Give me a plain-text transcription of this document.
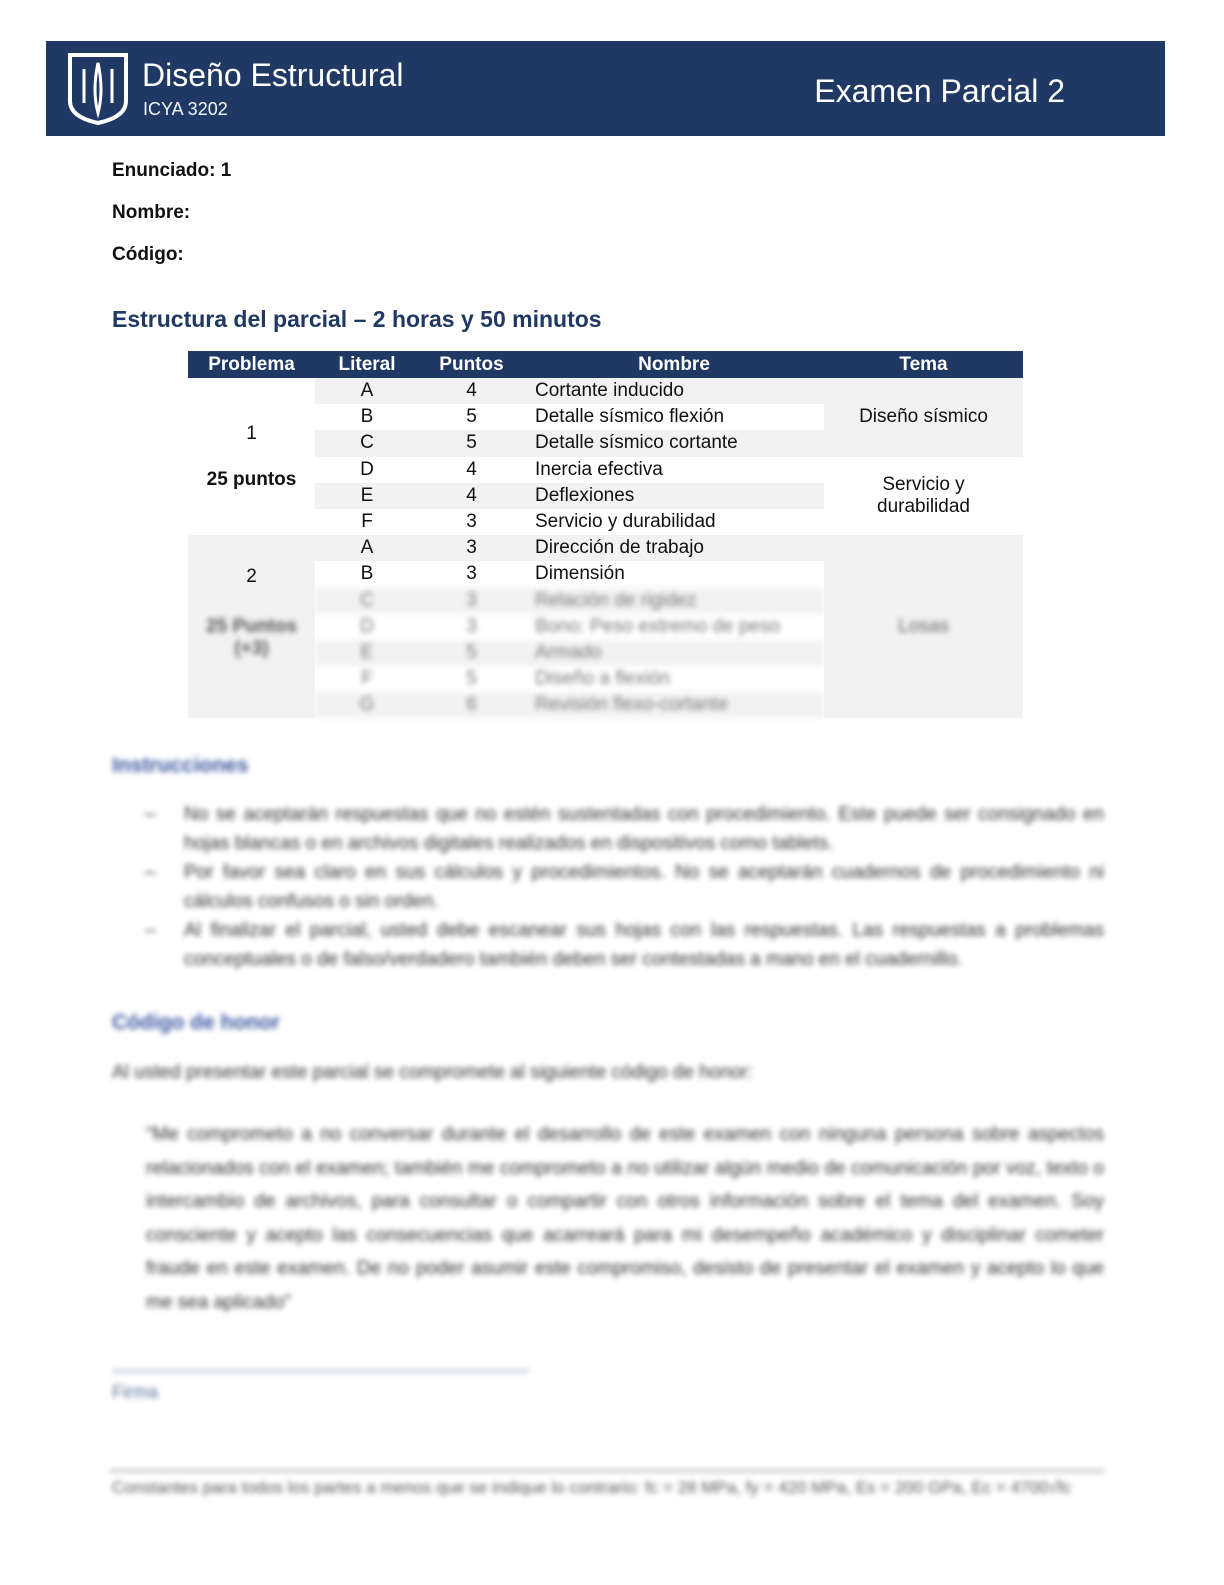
Diseño Estructural
ICYA 3202	Examen Parcial 2
Enunciado: 1
Nombre:
Código:
Estructura del parcial – 2 horas y 50 minutos
Problema	Literal	Puntos	Nombre	Tema
1
25 puntos	A	4	Cortante inducido	Diseño sísmico
	B	5	Detalle sísmico flexión	
	C	5	Detalle sísmico cortante	
	D	4	Inercia efectiva	Servicio y durabilidad
	E	4	Deflexiones	
	F	3	Servicio y durabilidad	

2
25 Puntos
(+3)	A	3	Dirección de trabajo	Losas
	B	3	Dimensión	
	C	3	Relación de rigidez	
	D	3	Bono: Peso extremo de peso	
	E	5	Armado	
	F	5	Diseño a flexión	
	G	6	Revisión flexo-cortante	
Instrucciones
– No se aceptarán respuestas que no estén sustentadas con procedimiento. Este puede ser consignado en hojas blancas o en archivos digitales realizados en dispositivos como tablets.
– Por favor sea claro en sus cálculos y procedimientos. No se aceptarán cuadernos de procedimiento ni cálculos confusos o sin orden.
– Al finalizar el parcial, usted debe escanear sus hojas con las respuestas. Las respuestas a problemas conceptuales o de falso/verdadero también deben ser contestadas a mano en el cuadernillo.
Código de honor
Al usted presentar este parcial se compromete al siguiente código de honor:
“Me comprometo a no conversar durante el desarrollo de este examen con ninguna persona sobre aspectos relacionados con el examen; también me comprometo a no utilizar algún medio de comunicación por voz, texto o intercambio de archivos, para consultar o compartir con otros información sobre el tema del examen. Soy consciente y acepto las consecuencias que acarreará para mi desempeño académico y disciplinar cometer fraude en este examen. De no poder asumir este compromiso, desisto de presentar el examen y acepto lo que me sea aplicado”
Firma
Constantes para todos los partes a menos que se indique lo contrario: fc = 28 MPa, fy = 420 MPa, Es = 200 GPa, Ec = 4700√fc
